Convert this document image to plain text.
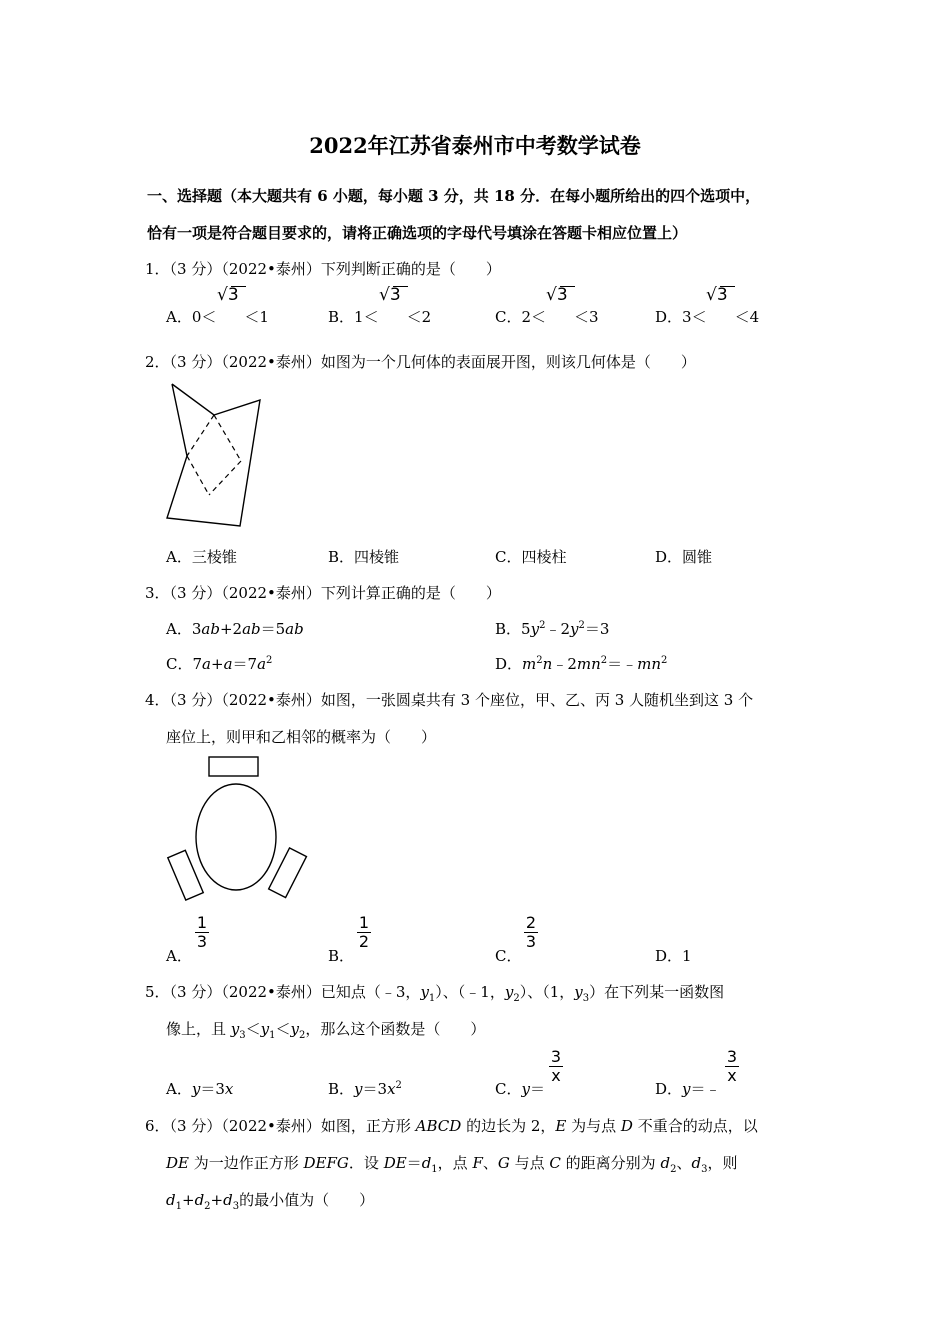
2022年江苏省泰州市中考数学试卷
一、选择题（本大题共有 6 小题，每小题 3 分，共 18 分．在每小题所给出的四个选项中，
恰有一项是符合题目要求的，请将正确选项的字母代号填涂在答题卡相应位置上）
1．（3 分）（2022•泰州）下列判断正确的是（　　）
A．0＜ ＜1
√3
B．1＜ ＜2
√3
C．2＜ ＜3
√3
D．3＜ ＜4
√3
2．（3 分）（2022•泰州）如图为一个几何体的表面展开图，则该几何体是（　　）
A．三棱锥	B．四棱锥	C．四棱柱	D．圆锥
3．（3 分）（2022•泰州）下列计算正确的是（　　）
A．3ab+2ab＝5ab	B．$5y^2﹣2y^2=3$
C．$7a+a=7a^2$	D．$m^2n﹣2mn^2=﹣mn^2$
4．（3 分）（2022•泰州）如图，一张圆桌共有 3 个座位，甲、乙、丙 3 人随机坐到这 3 个
座位上，则甲和乙相邻的概率为（　　）
A．
1
3
B．
1
2
C．
2
3
D．1
5．（3 分）（2022•泰州）已知点（﹣3，$y_1$）、（﹣1，$y_2$）、（1，$y_3$）在下列某一函数图
像上，且 $y_3<y_1<y_2$，那么这个函数是（　　）
A．y＝3x	B．$y=3x^2$	C．y＝
3
x
D．y＝﹣
3
x
6．（3 分）（2022•泰州）如图，正方形 ABCD 的边长为 2，E 为与点 D 不重合的动点，以
DE 为一边作正方形 DEFG．设 $DE=d_1$，点 F、G 与点 C 的距离分别为 $d_2$、$d_3$，则
$d_1+d_2+d_3$的最小值为（　　）
